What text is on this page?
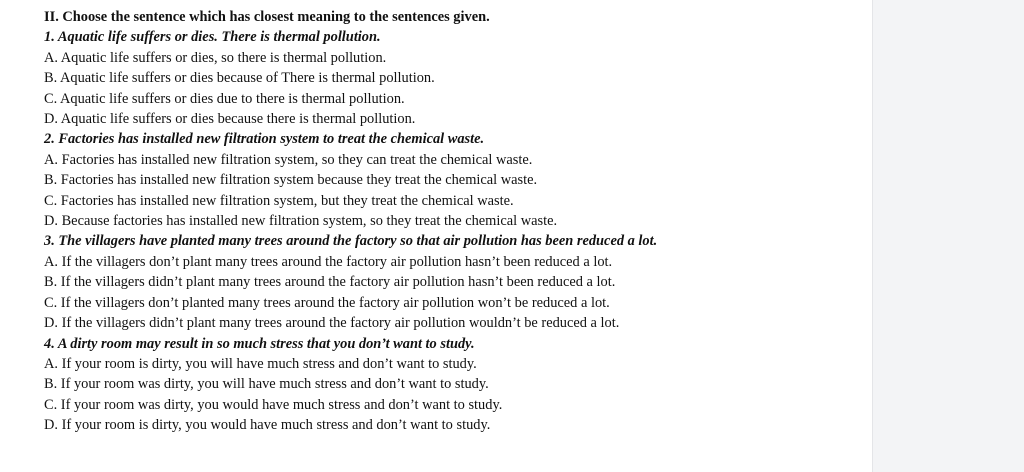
II. Choose the sentence which has closest meaning to the sentences given.
1. Aquatic life suffers or dies. There is thermal pollution.
A. Aquatic life suffers or dies, so there is thermal pollution.
B. Aquatic life suffers or dies because of There is thermal pollution.
C. Aquatic life suffers or dies due to there is thermal pollution.
D. Aquatic life suffers or dies because there is thermal pollution.
2. Factories has installed new filtration system to treat the chemical waste.
A. Factories has installed new filtration system, so they can treat the chemical waste.
B. Factories has installed new filtration system because they treat the chemical waste.
C. Factories has installed new filtration system, but they treat the chemical waste.
D. Because factories has installed new filtration system, so they treat the chemical waste.
3. The villagers have planted many trees around the factory so that air pollution has been reduced a lot.
A. If the villagers don’t plant many trees around the factory air pollution hasn’t been reduced a lot.
B. If the villagers didn’t plant many trees around the factory air pollution hasn’t been reduced a lot.
C. If the villagers don’t planted many trees around the factory air pollution won’t be reduced a lot.
D. If the villagers didn’t plant many trees around the factory air pollution wouldn’t be reduced a lot.
4. A dirty room may result in so much stress that you don’t want to study.
A. If your room is dirty, you will have much stress and don’t want to study.
B. If your room was dirty, you will have much stress and don’t want to study.
C. If your room was dirty, you would have much stress and don’t want to study.
D. If your room is dirty, you would have much stress and don’t want to study.
